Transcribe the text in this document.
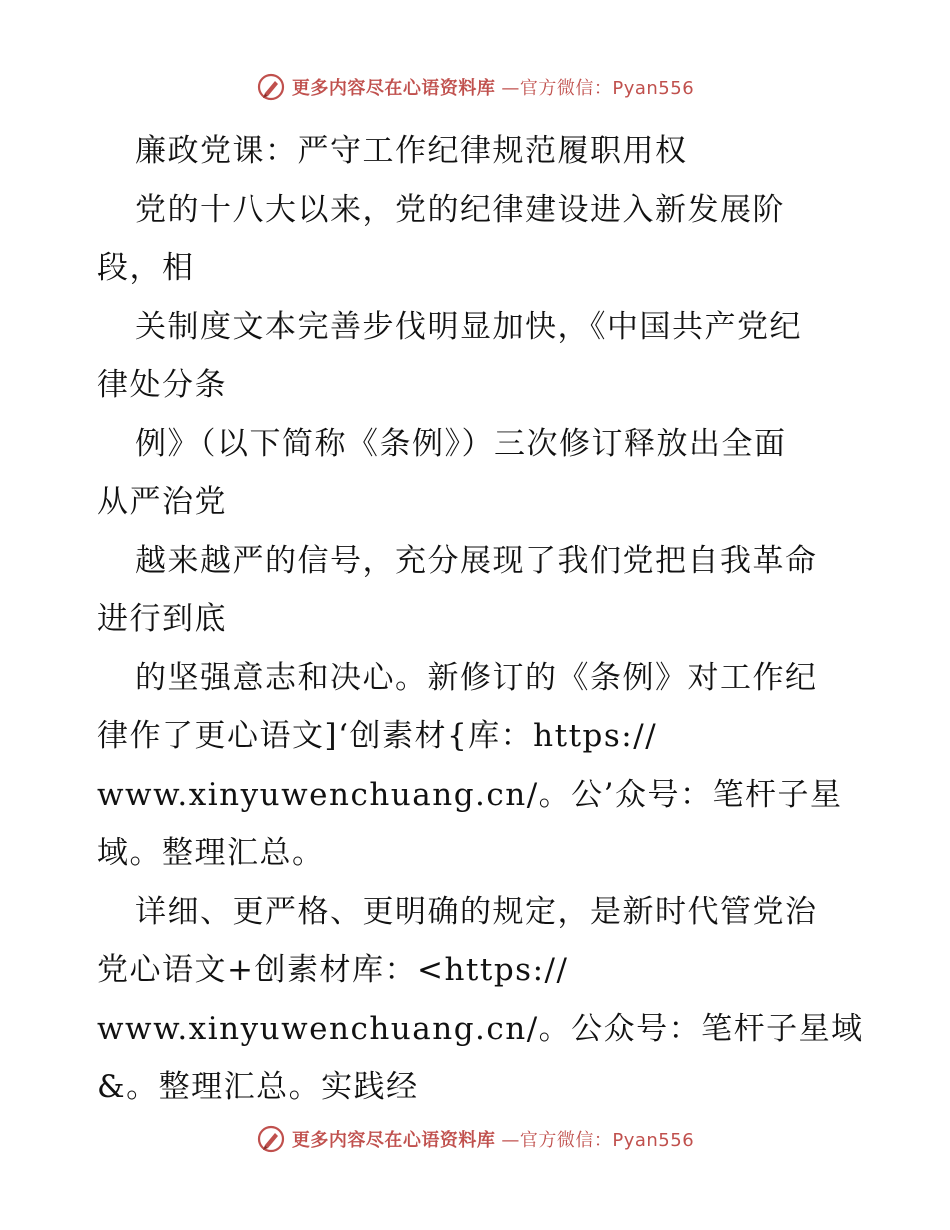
更多内容尽在心语资料库 —官方微信：Pyan556
廉政党课：严守工作纪律规范履职用权
党的十八大以来，党的纪律建设进入新发展阶
段，相
关制度文本完善步伐明显加快，《中国共产党纪
律处分条
例》（以下简称《条例》）三次修订释放出全面
从严治党
越来越严的信号，充分展现了我们党把自我革命
进行到底
的坚强意志和决心。新修订的《条例》对工作纪
律作了更心语文]‘创素材{库：https://
www.xinyuwenchuang.cn/。公’众号：笔杆子星
域。整理汇总。
详细、更严格、更明确的规定，是新时代管党治
党心语文+创素材库：<https://
www.xinyuwenchuang.cn/。公众号：笔杆子星域
&。整理汇总。实践经
更多内容尽在心语资料库 —官方微信：Pyan556
